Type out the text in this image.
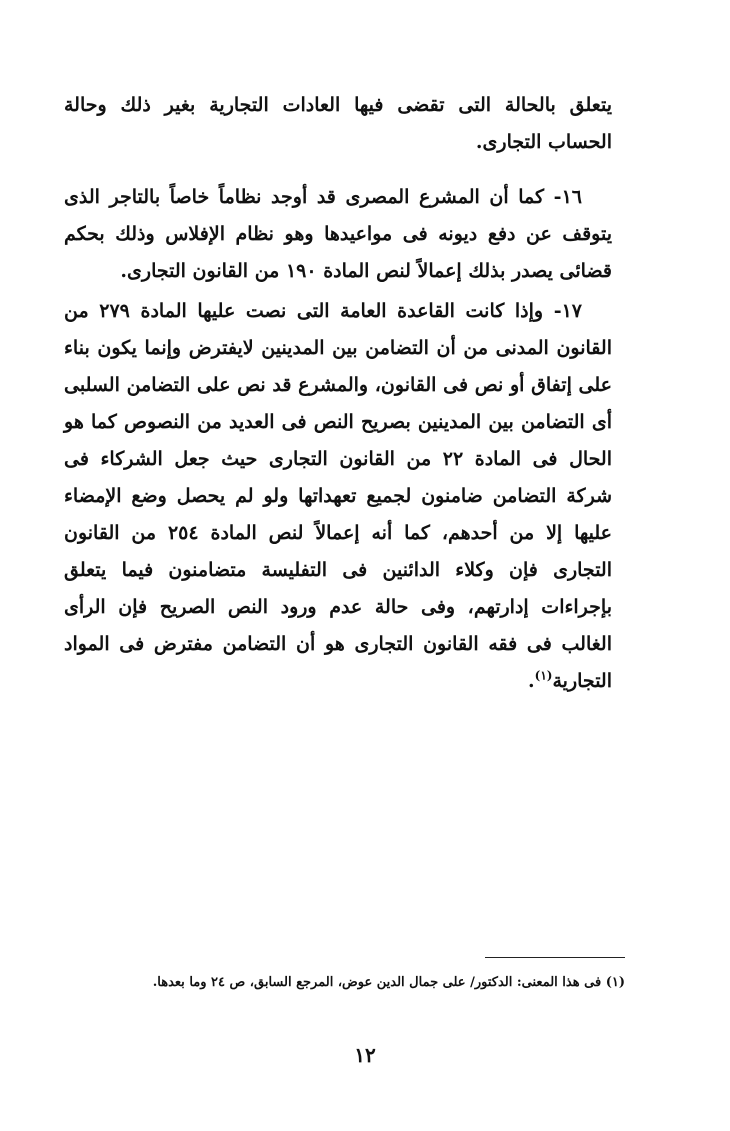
يتعلق بالحالة التى تقضى فيها العادات التجارية بغير ذلك وحالة الحساب التجارى.

١٦- كما أن المشرع المصرى قد أوجد نظاماً خاصاً بالتاجر الذى يتوقف عن دفع ديونه فى مواعيدها وهو نظام الإفلاس وذلك بحكم قضائى يصدر بذلك إعمالاً لنص المادة ١٩٠ من القانون التجارى.

١٧- وإذا كانت القاعدة العامة التى نصت عليها المادة ٢٧٩ من القانون المدنى من أن التضامن بين المدينين لايفترض وإنما يكون بناء على إتفاق أو نص فى القانون، والمشرع قد نص على التضامن السلبى أى التضامن بين المدينين بصريح النص فى العديد من النصوص كما هو الحال فى المادة ٢٢ من القانون التجارى حيث جعل الشركاء فى شركة التضامن ضامنون لجميع تعهداتها ولو لم يحصل وضع الإمضاء عليها إلا من أحدهم، كما أنه إعمالاً لنص المادة ٢٥٤ من القانون التجارى فإن وكلاء الدائنين فى التفليسة متضامنون فيما يتعلق بإجراءات إدارتهم، وفى حالة عدم ورود النص الصريح فإن الرأى الغالب فى فقه القانون التجارى هو أن التضامن مفترض فى المواد التجارية$^{(١)}$.

(١) فى هذا المعنى: الدكتور/ على جمال الدين عوض، المرجع السابق، ص ٢٤ وما بعدها.
١٢
